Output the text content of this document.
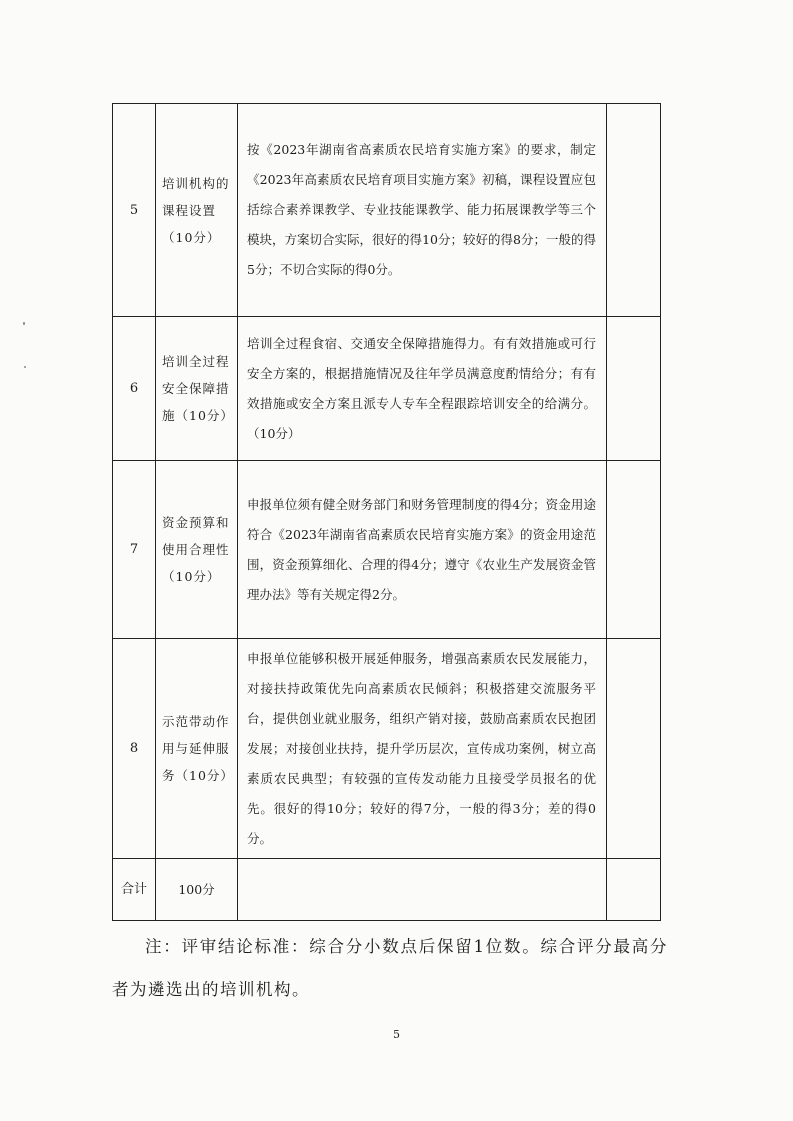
5	培训机构的课程设置（10分）	按《2023年湖南省高素质农民培育实施方案》的要求，制定《2023年高素质农民培育项目实施方案》初稿，课程设置应包括综合素养课教学、专业技能课教学、能力拓展课教学等三个模块，方案切合实际，很好的得10分；较好的得8分；一般的得5分；不切合实际的得0分。	
6	培训全过程安全保障措施（10分）	培训全过程食宿、交通安全保障措施得力。有有效措施或可行安全方案的，根据措施情况及往年学员满意度酌情给分；有有效措施或安全方案且派专人专车全程跟踪培训安全的给满分。（10分）	
7	资金预算和使用合理性（10分）	申报单位须有健全财务部门和财务管理制度的得4分；资金用途符合《2023年湖南省高素质农民培育实施方案》的资金用途范围，资金预算细化、合理的得4分；遵守《农业生产发展资金管理办法》等有关规定得2分。	
8	示范带动作用与延伸服务（10分）	申报单位能够积极开展延伸服务，增强高素质农民发展能力，对接扶持政策优先向高素质农民倾斜；积极搭建交流服务平台，提供创业就业服务，组织产销对接，鼓励高素质农民抱团发展；对接创业扶持，提升学历层次，宣传成功案例，树立高素质农民典型；有较强的宣传发动能力且接受学员报名的优先。很好的得10分；较好的得7分，一般的得3分；差的得0分。	
合计	100分		
注：评审结论标准：综合分小数点后保留1位数。综合评分最高分者为遴选出的培训机构。
5
